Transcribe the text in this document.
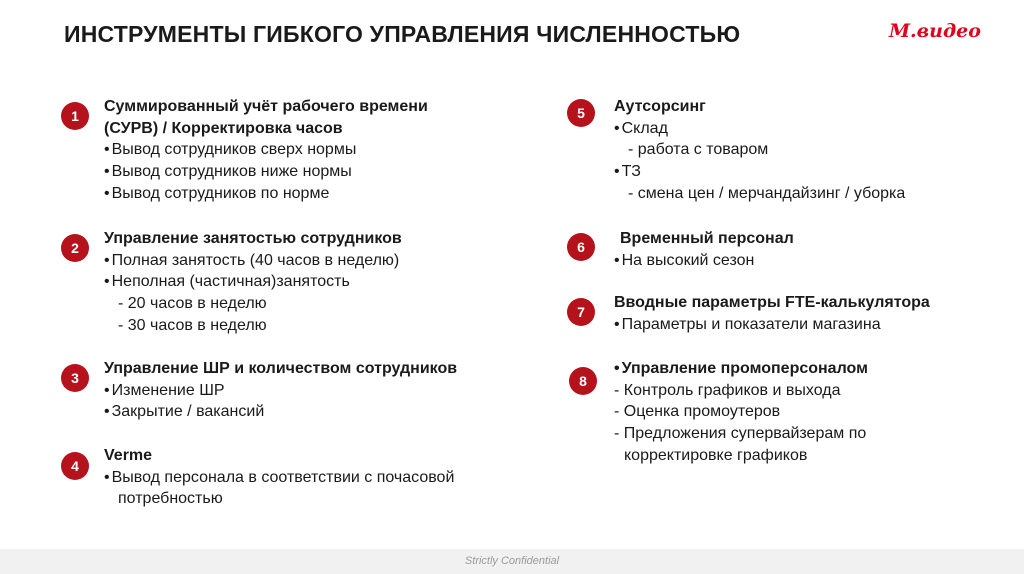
ИНСТРУМЕНТЫ ГИБКОГО УПРАВЛЕНИЯ ЧИСЛЕННОСТЬЮ	М.видео
1
Суммированный учёт рабочего времени
(СУРВ) / Корректировка часов
• Вывод сотрудников сверх нормы
• Вывод сотрудников ниже нормы
• Вывод сотрудников по норме
2
Управление занятостью сотрудников
• Полная занятость (40 часов в неделю)
• Неполная (частичная)занятость
- 20 часов в неделю
- 30 часов в неделю
3
Управление ШР и количеством сотрудников
• Изменение ШР
• Закрытие / вакансий
4
Verme
• Вывод персонала в соответствии с почасовой
потребностью
5	Аутсорсинг
• Склад
- работа с товаром
• ТЗ
- смена цен / мерчандайзинг / уборка
6	Временный персонал
• На высокий сезон
7
Вводные параметры FTE-калькулятора
• Параметры и показатели магазина
8
• Управление промоперсоналом
- Контроль графиков и выхода
- Оценка промоутеров
- Предложения супервайзерам по
корректировке графиков
Strictly Confidential
